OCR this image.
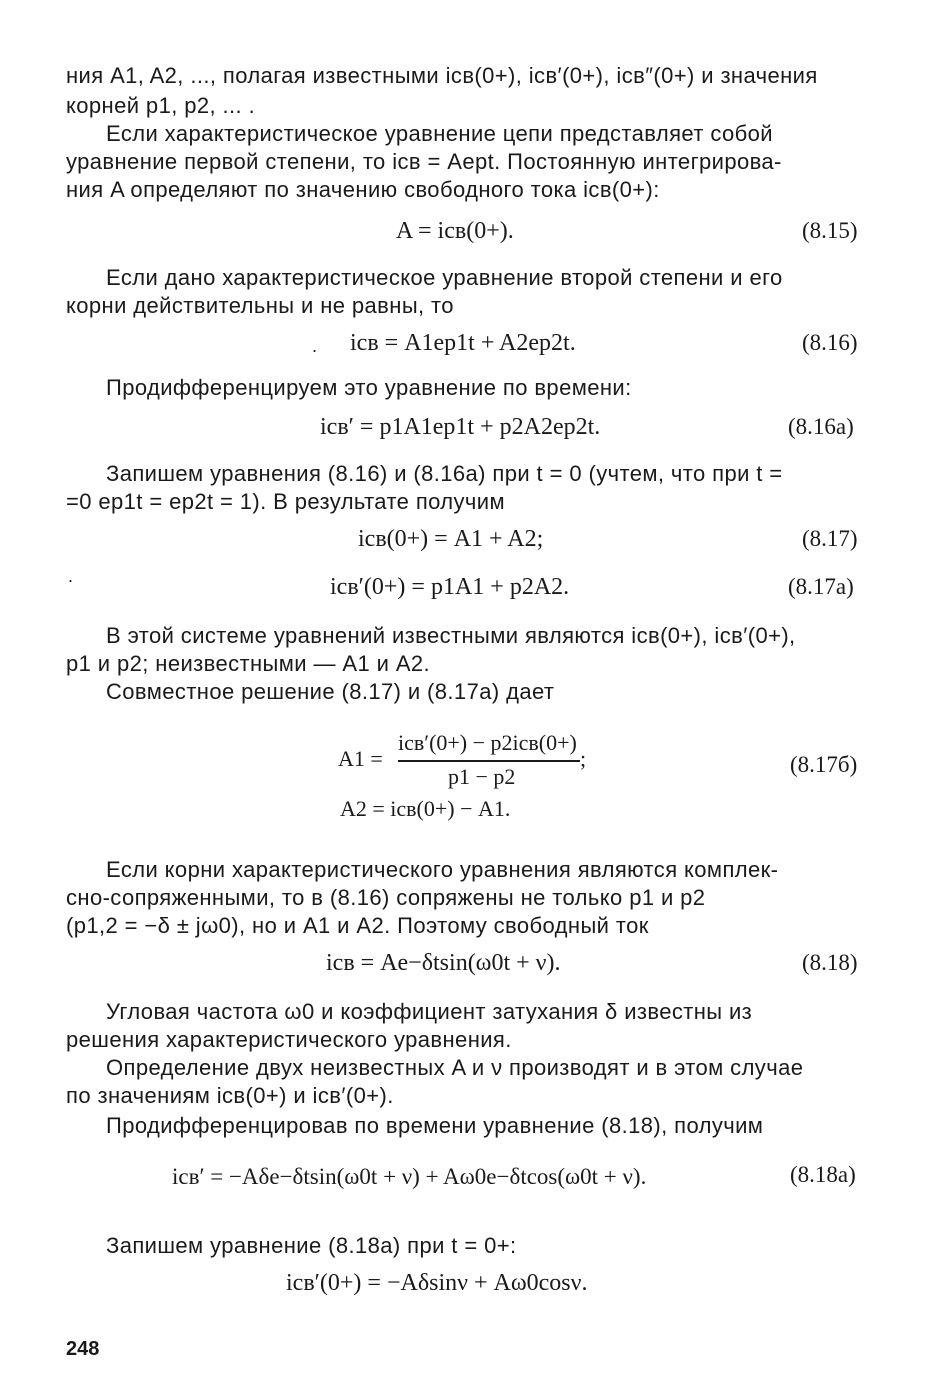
ния A1, A2, ..., полагая известными iсв(0+), iсв′(0+), iсв″(0+) и значения
корней p1, p2, ... .
Если характеристическое уравнение цепи представляет собой
уравнение первой степени, то iсв = Aept. Постоянную интегрирова-
ния A определяют по значению свободного тока iсв(0+):
A = iсв(0+).	(8.15)
Если дано характеристическое уравнение второй степени и его
корни действительны и не равны, то
. iсв = A1ep1t + A2ep2t.	(8.16)
Продифференцируем это уравнение по времени:
iсв′ = p1A1ep1t + p2A2ep2t.	(8.16а)
Запишем уравнения (8.16) и (8.16а) при t = 0 (учтем, что при t =
=0 ep1t = ep2t = 1). В результате получим
iсв(0+) = A1 + A2;	(8.17)
.	iсв′(0+) = p1A1 + p2A2.	(8.17а)
В этой системе уравнений известными являются iсв(0+), iсв′(0+),
p1 и p2; неизвестными — A1 и A2.
Совместное решение (8.17) и (8.17а) дает
A1 =
iсв′(0+) − p2iсв(0+)
p1 − p2
;	(8.17б)
A2 = iсв(0+) − A1.
Если корни характеристического уравнения являются комплек-
сно-сопряженными, то в (8.16) сопряжены не только p1 и p2
(p1,2 = −δ ± jω0), но и A1 и A2. Поэтому свободный ток
iсв = Ae−δtsin(ω0t + ν).	(8.18)
Угловая частота ω0 и коэффициент затухания δ известны из
решения характеристического уравнения.
Определение двух неизвестных A и ν производят и в этом случае
по значениям iсв(0+) и iсв′(0+).
Продифференцировав по времени уравнение (8.18), получим
iсв′ = −Aδe−δtsin(ω0t + ν) + Aω0e−δtcos(ω0t + ν).	(8.18а)
Запишем уравнение (8.18а) при t = 0+:
iсв′(0+) = −Aδsinν + Aω0cosν.
248
